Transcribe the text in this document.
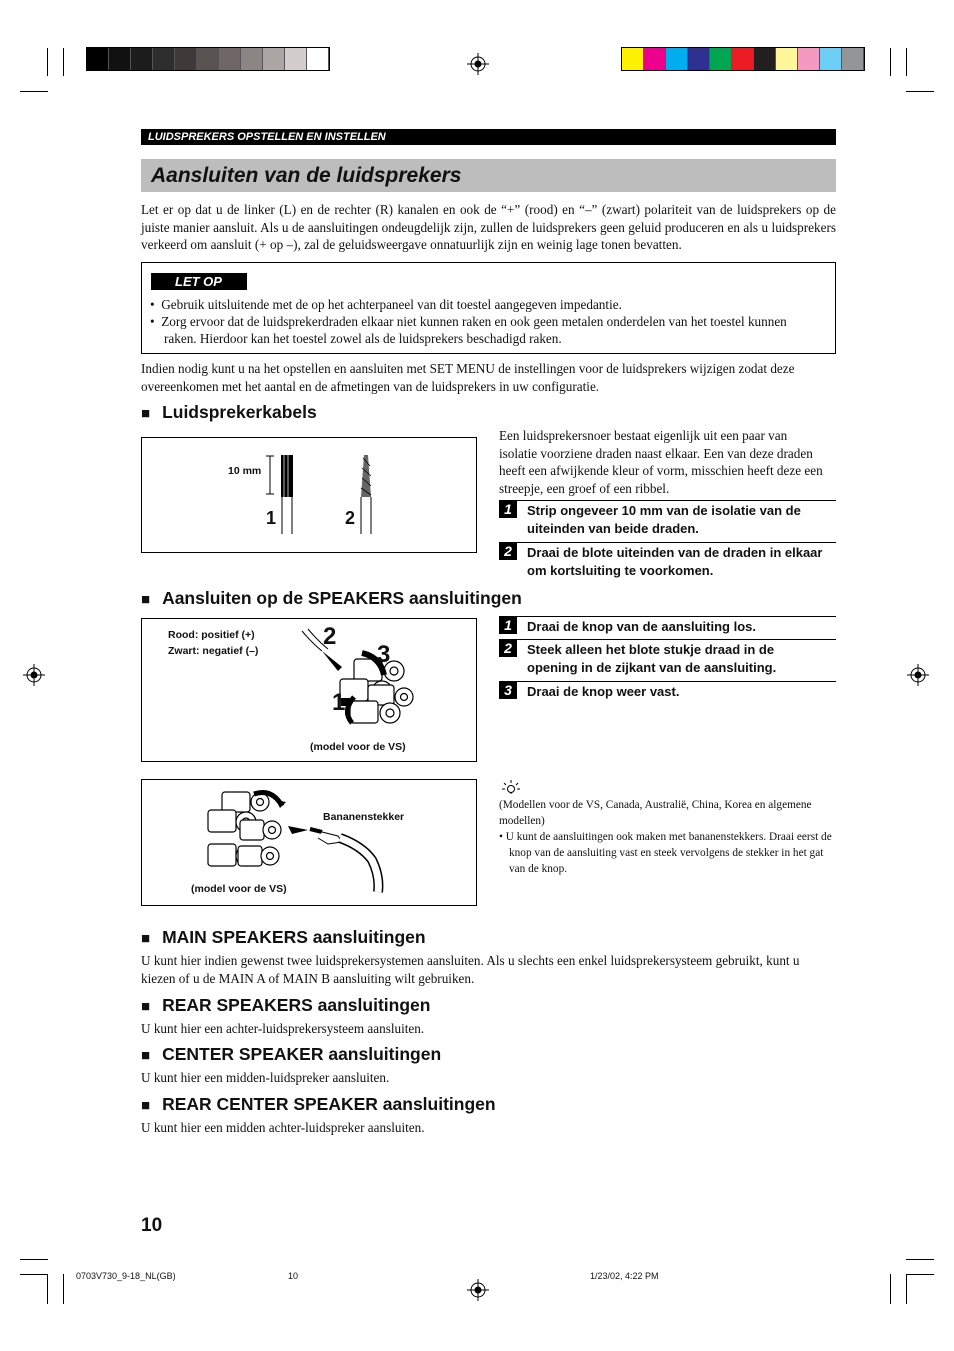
LUIDSPREKERS OPSTELLEN EN INSTELLEN
Aansluiten van de luidsprekers
Let er op dat u de linker (L) en de rechter (R) kanalen en ook de “+” (rood) en “–” (zwart) polariteit van de luidsprekers op de juiste manier aansluit. Als u de aansluitingen ondeugdelijk zijn, zullen de luidsprekers geen geluid produceren en als u luidsprekers verkeerd om aansluit (+ op –), zal de geluidsweergave onnatuurlijk zijn en weinig lage tonen bevatten.
LET OP
•  Gebruik uitsluitende met de op het achterpaneel van dit toestel aangegeven impedantie.
•  Zorg ervoor dat de luidsprekerdraden elkaar niet kunnen raken en ook geen metalen onderdelen van het toestel kunnen raken. Hierdoor kan het toestel zowel als de luidsprekers beschadigd raken.
Indien nodig kunt u na het opstellen en aansluiten met SET MENU de instellingen voor de luidsprekers wijzigen zodat deze overeenkomen met het aantal en de afmetingen van de luidsprekers in uw configuratie.
■ Luidsprekerkabels
10 mm
1	2
Een luidsprekersnoer bestaat eigenlijk uit een paar van isolatie voorziene draden naast elkaar. Een van deze draden heeft een afwijkende kleur of vorm, misschien heeft deze een streepje, een groef of een ribbel.
1	Strip ongeveer 10 mm van de isolatie van de uiteinden van beide draden.
2	Draai de blote uiteinden van de draden in elkaar om kortsluiting te voorkomen.
■ Aansluiten op de SPEAKERS aansluitingen
Rood: positief (+)
Zwart: negatief (–)
2
3
1
(model voor de VS)
1	Draai de knop van de aansluiting los.
2	Steek alleen het blote stukje draad in de opening in de zijkant van de aansluiting.
3	Draai de knop weer vast.
Bananenstekker
(model voor de VS)
(Modellen voor de VS, Canada, Australië, China, Korea en algemene modellen)
• U kunt de aansluitingen ook maken met bananenstekkers. Draai eerst de knop van de aansluiting vast en steek vervolgens de stekker in het gat van de knop.
■ MAIN SPEAKERS aansluitingen
U kunt hier indien gewenst twee luidsprekersystemen aansluiten. Als u slechts een enkel luidsprekersysteem gebruikt, kunt u kiezen of u de MAIN A of MAIN B aansluiting wilt gebruiken.
■ REAR SPEAKERS aansluitingen
U kunt hier een achter-luidsprekersysteem aansluiten.
■ CENTER SPEAKER aansluitingen
U kunt hier een midden-luidspreker aansluiten.
■ REAR CENTER SPEAKER aansluitingen
U kunt hier een midden achter-luidspreker aansluiten.
10
0703V730_9-18_NL(GB)	10	1/23/02, 4:22 PM
